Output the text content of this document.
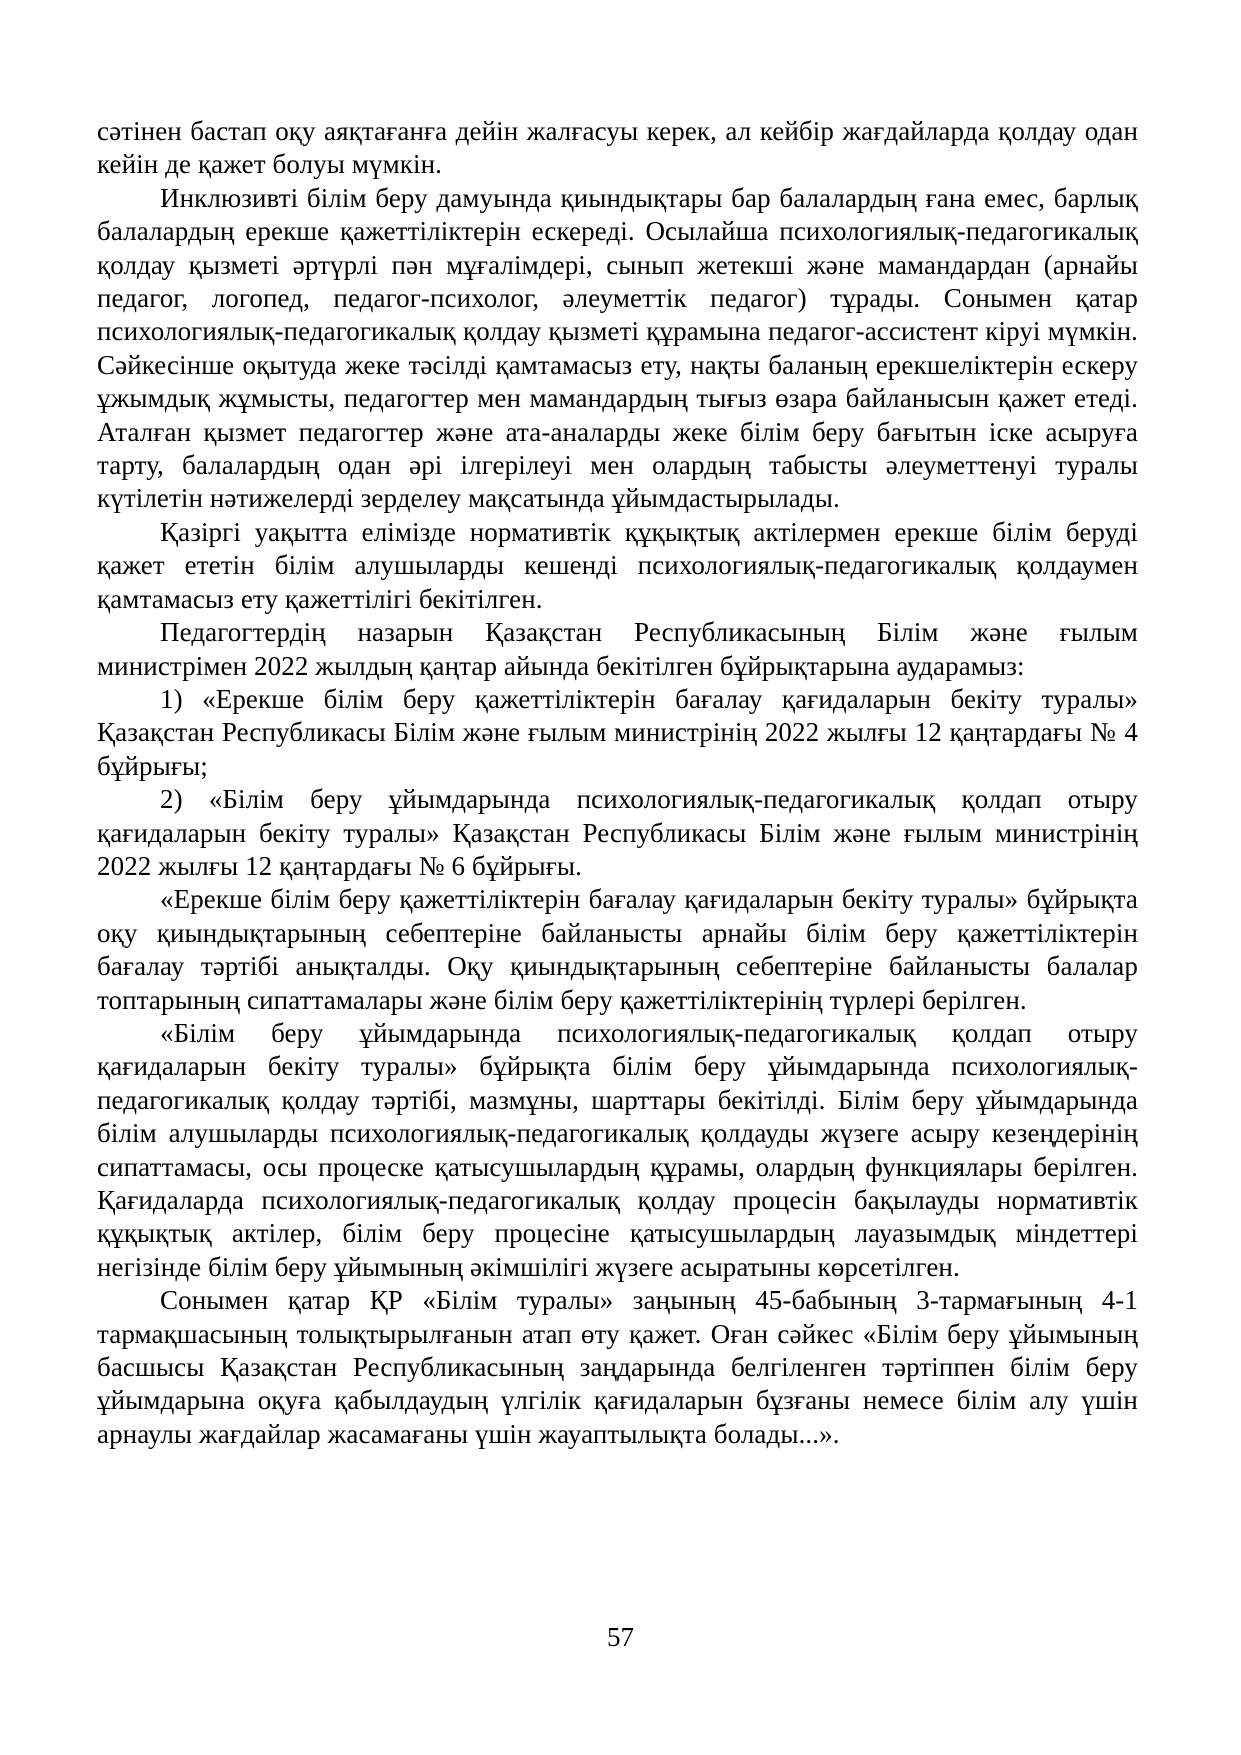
сәтінен бастап оқу аяқтағанға дейін жалғасуы керек, ал кейбір жағдайларда қолдау одан кейін де қажет болуы мүмкін.

Инклюзивті білім беру дамуында қиындықтары бар балалардың ғана емес, барлық балалардың ерекше қажеттіліктерін ескереді. Осылайша психологиялық-педагогикалық қолдау қызметі әртүрлі пән мұғалімдері, сынып жетекші және мамандардан (арнайы педагог, логопед, педагог-психолог, әлеуметтік педагог) тұрады. Сонымен қатар психологиялық-педагогикалық қолдау қызметі құрамына педагог-ассистент кіруі мүмкін. Сәйкесінше оқытуда жеке тәсілді қамтамасыз ету, нақты баланың ерекшеліктерін ескеру ұжымдық жұмысты, педагогтер мен мамандардың тығыз өзара байланысын қажет етеді. Аталған қызмет педагогтер және ата-аналарды жеке білім беру бағытын іске асыруға тарту, балалардың одан әрі ілгерілеуі мен олардың табысты әлеуметтенуі туралы күтілетін нәтижелерді зерделеу мақсатында ұйымдастырылады.

Қазіргі уақытта елімізде нормативтік құқықтық актілермен ерекше білім беруді қажет ететін білім алушыларды кешенді психологиялық-педагогикалық қолдаумен қамтамасыз ету қажеттілігі бекітілген.

Педагогтердің назарын Қазақстан Республикасының Білім және ғылым министрімен 2022 жылдың қаңтар айында бекітілген бұйрықтарына аударамыз:

1) «Ерекше білім беру қажеттіліктерін бағалау қағидаларын бекіту туралы» Қазақстан Республикасы Білім және ғылым министрінің 2022 жылғы 12 қаңтардағы № 4 бұйрығы;

2) «Білім беру ұйымдарында психологиялық-педагогикалық қолдап отыру қағидаларын бекіту туралы» Қазақстан Республикасы Білім және ғылым министрінің 2022 жылғы 12 қаңтардағы № 6 бұйрығы.

«Ерекше білім беру қажеттіліктерін бағалау қағидаларын бекіту туралы» бұйрықта оқу қиындықтарының себептеріне байланысты арнайы білім беру қажеттіліктерін бағалау тәртібі анықталды. Оқу қиындықтарының себептеріне байланысты балалар топтарының сипаттамалары және білім беру қажеттіліктерінің түрлері берілген.

«Білім беру ұйымдарында психологиялық-педагогикалық қолдап отыру қағидаларын бекіту туралы» бұйрықта білім беру ұйымдарында психологиялық-педагогикалық қолдау тәртібі, мазмұны, шарттары бекітілді. Білім беру ұйымдарында білім алушыларды психологиялық-педагогикалық қолдауды жүзеге асыру кезеңдерінің сипаттамасы, осы процеске қатысушылардың құрамы, олардың функциялары берілген. Қағидаларда психологиялық-педагогикалық қолдау процесін бақылауды нормативтік құқықтық актілер, білім беру процесіне қатысушылардың лауазымдық міндеттері негізінде білім беру ұйымының әкімшілігі жүзеге асыратыны көрсетілген.

Сонымен қатар ҚР «Білім туралы» заңының 45-бабының 3-тармағының 4-1 тармақшасының толықтырылғанын атап өту қажет. Оған сәйкес «Білім беру ұйымының басшысы Қазақстан Республикасының заңдарында белгіленген тәртіппен білім беру ұйымдарына оқуға қабылдаудың үлгілік қағидаларын бұзғаны немесе білім алу үшін арнаулы жағдайлар жасамағаны үшін жауаптылықта болады...».

57
